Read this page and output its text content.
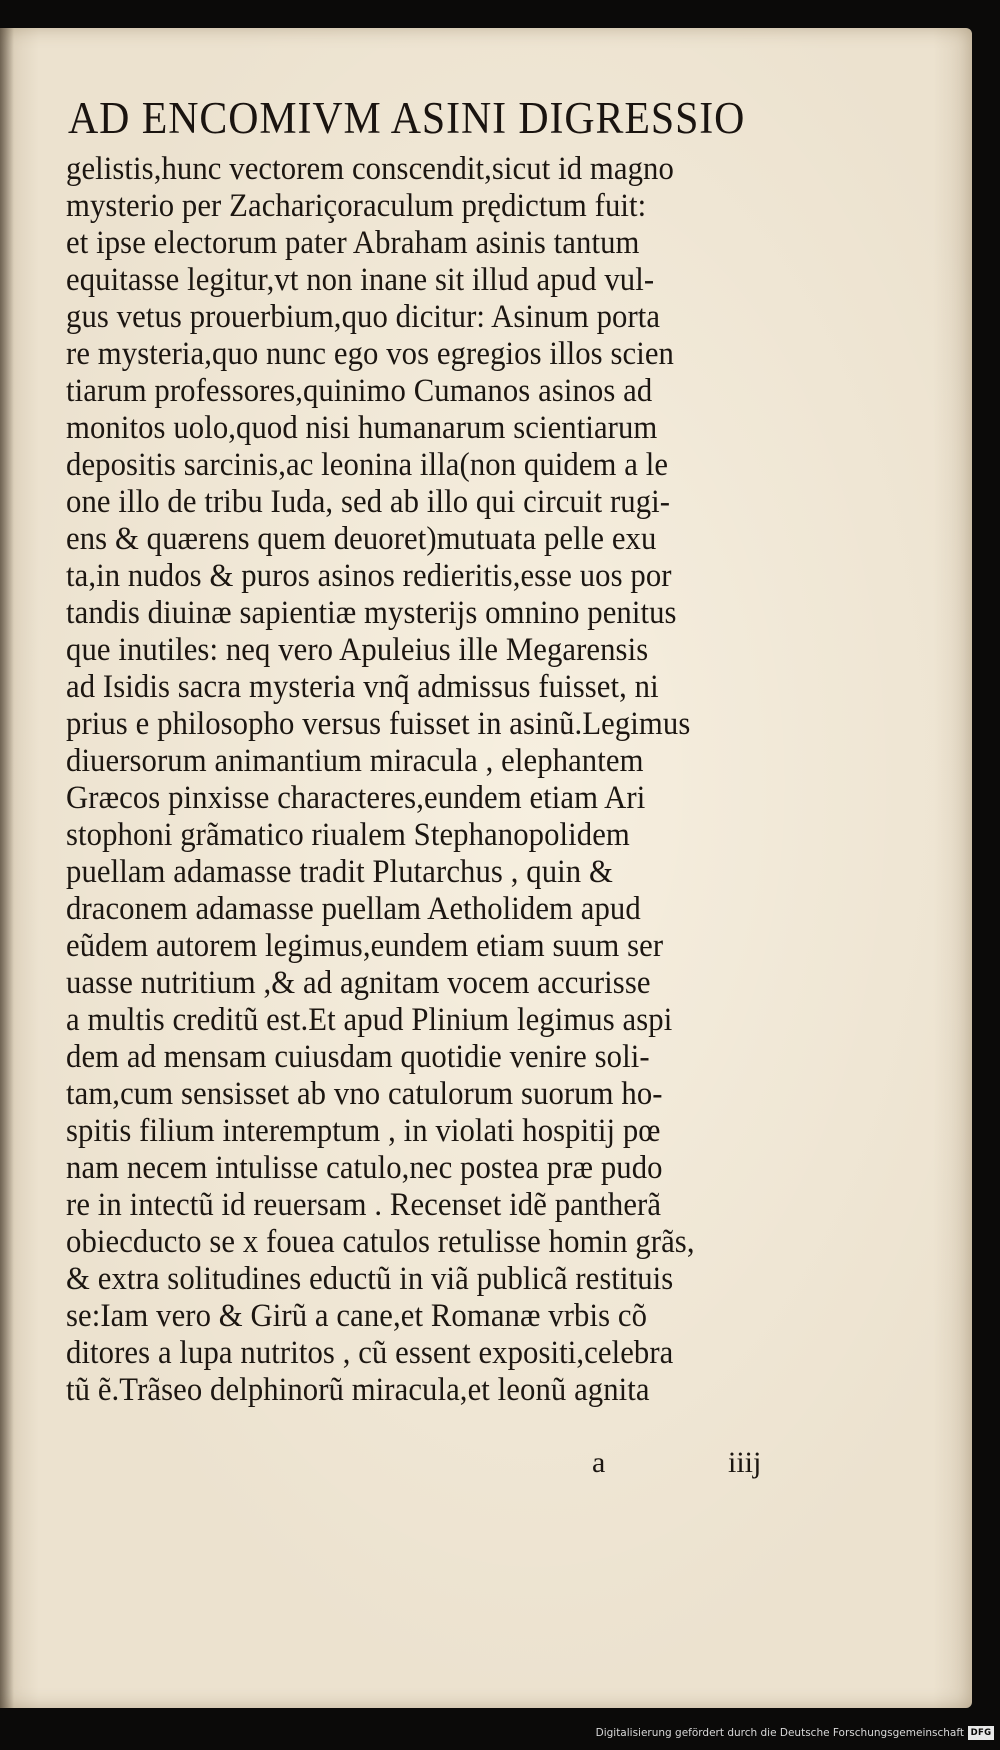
AD ENCOMIVM ASINI DIGRESSIO
gelistis,hunc vectorem conscendit,sicut id magno
mysterio per Zachariçoraculum prędictum fuit:
et ipse electorum pater Abraham asinis tantum
equitasse legitur,vt non inane sit illud apud vul-
gus vetus prouerbium,quo dicitur: Asinum porta
re mysteria,quo nunc ego vos egregios illos scien
tiarum professores,quinimo Cumanos asinos ad
monitos uolo,quod nisi humanarum scientiarum
depositis sarcinis,ac leonina illa(non quidem a le
one illo de tribu Iuda, sed ab illo qui circuit rugi-
ens & quærens quem deuoret)mutuata pelle exu
ta,in nudos & puros asinos redieritis,esse uos por
tandis diuinæ sapientiæ mysterijs omnino penitus
que inutiles: neq vero Apuleius ille Megarensis
ad Isidis sacra mysteria vnq̃ admissus fuisset, ni
prius e philosopho versus fuisset in asinũ.Legimus
diuersorum animantium miracula , elephantem
Græcos pinxisse characteres,eundem etiam Ari
stophoni grãmatico riualem Stephanopolidem
puellam adamasse tradit Plutarchus , quin &
draconem adamasse puellam Aetholidem apud
eũdem autorem legimus,eundem etiam suum ser
uasse nutritium ,& ad agnitam vocem accurisse
a multis creditũ est.Et apud Plinium legimus aspi
dem ad mensam cuiusdam quotidie venire soli-
tam,cum sensisset ab vno catulorum suorum ho-
spitis filium interemptum , in violati hospitij pœ
nam necem intulisse catulo,nec postea præ pudo
re in intectũ id reuersam . Recenset idẽ pantherã
obiecducto se x fouea catulos retulisse homin grãs,
& extra solitudines eductũ in viã publicã restituis
se:Iam vero & Girũ a cane,et Romanæ vrbis cõ
ditores a lupa nutritos , cũ essent expositi,celebra
tũ ẽ.Trãseo delphinorũ miracula,et leonũ agnita
a	iiij
Digitalisierung gefördert durch die Deutsche Forschungsgemeinschaft DFG
